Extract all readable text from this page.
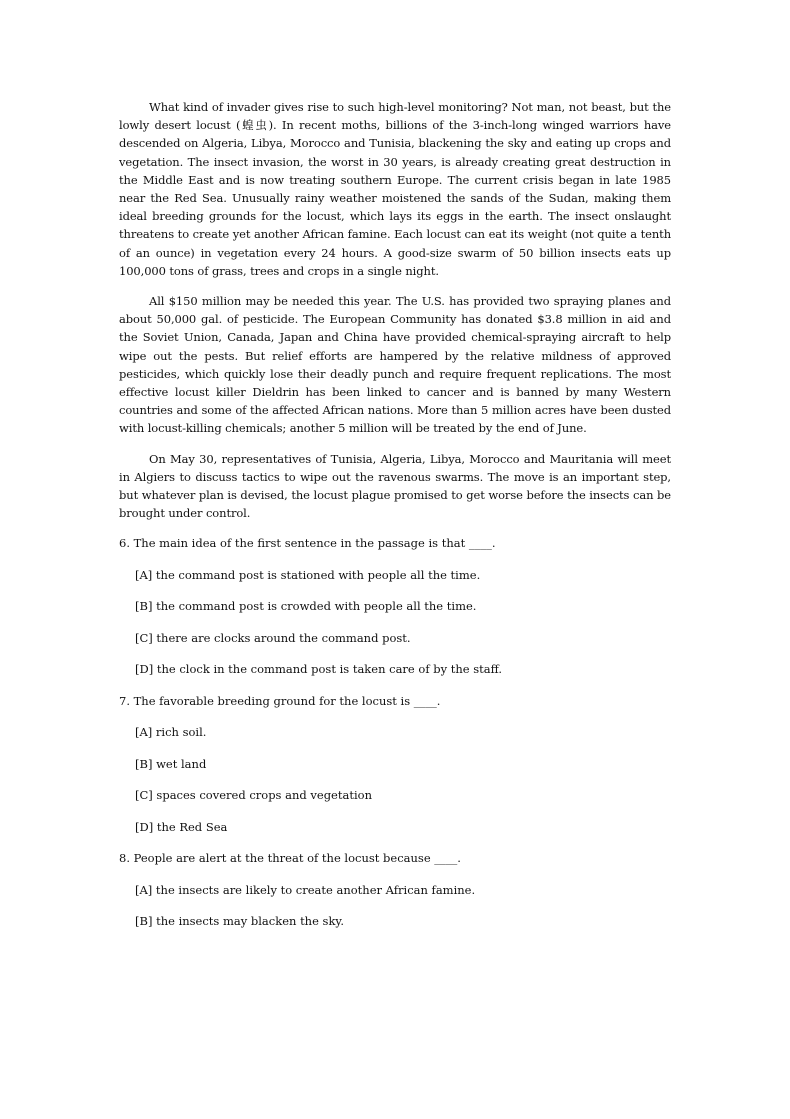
What kind of invader gives rise to such high-level monitoring? Not man, not beast, but the lowly desert locust (蝗虫). In recent moths, billions of the 3-inch-long winged warriors have descended on Algeria, Libya, Morocco and Tunisia, blackening the sky and eating up crops and vegetation. The insect invasion, the worst in 30 years, is already creating great destruction in the Middle East and is now treating southern Europe. The current crisis began in late 1985 near the Red Sea. Unusually rainy weather moistened the sands of the Sudan, making them ideal breeding grounds for the locust, which lays its eggs in the earth. The insect onslaught threatens to create yet another African famine. Each locust can eat its weight (not quite a tenth of an ounce) in vegetation every 24 hours. A good-size swarm of 50 billion insects eats up 100,000 tons of grass, trees and crops in a single night.

All $150 million may be needed this year. The U.S. has provided two spraying planes and about 50,000 gal. of pesticide. The European Community has donated $3.8 million in aid and the Soviet Union, Canada, Japan and China have provided chemical-spraying aircraft to help wipe out the pests. But relief efforts are hampered by the relative mildness of approved pesticides, which quickly lose their deadly punch and require frequent replications. The most effective locust killer Dieldrin has been linked to cancer and is banned by many Western countries and some of the affected African nations. More than 5 million acres have been dusted with locust-killing chemicals; another 5 million will be treated by the end of June.

On May 30, representatives of Tunisia, Algeria, Libya, Morocco and Mauritania will meet in Algiers to discuss tactics to wipe out the ravenous swarms. The move is an important step, but whatever plan is devised, the locust plague promised to get worse before the insects can be brought under control.

6. The main idea of the first sentence in the passage is that ____.

[A] the command post is stationed with people all the time.

[B] the command post is crowded with people all the time.

[C] there are clocks around the command post.

[D] the clock in the command post is taken care of by the staff.

7. The favorable breeding ground for the locust is ____.

[A] rich soil.

[B] wet land

[C] spaces covered crops and vegetation

[D] the Red Sea

8. People are alert at the threat of the locust because ____.

[A] the insects are likely to create another African famine.

[B] the insects may blacken the sky.
